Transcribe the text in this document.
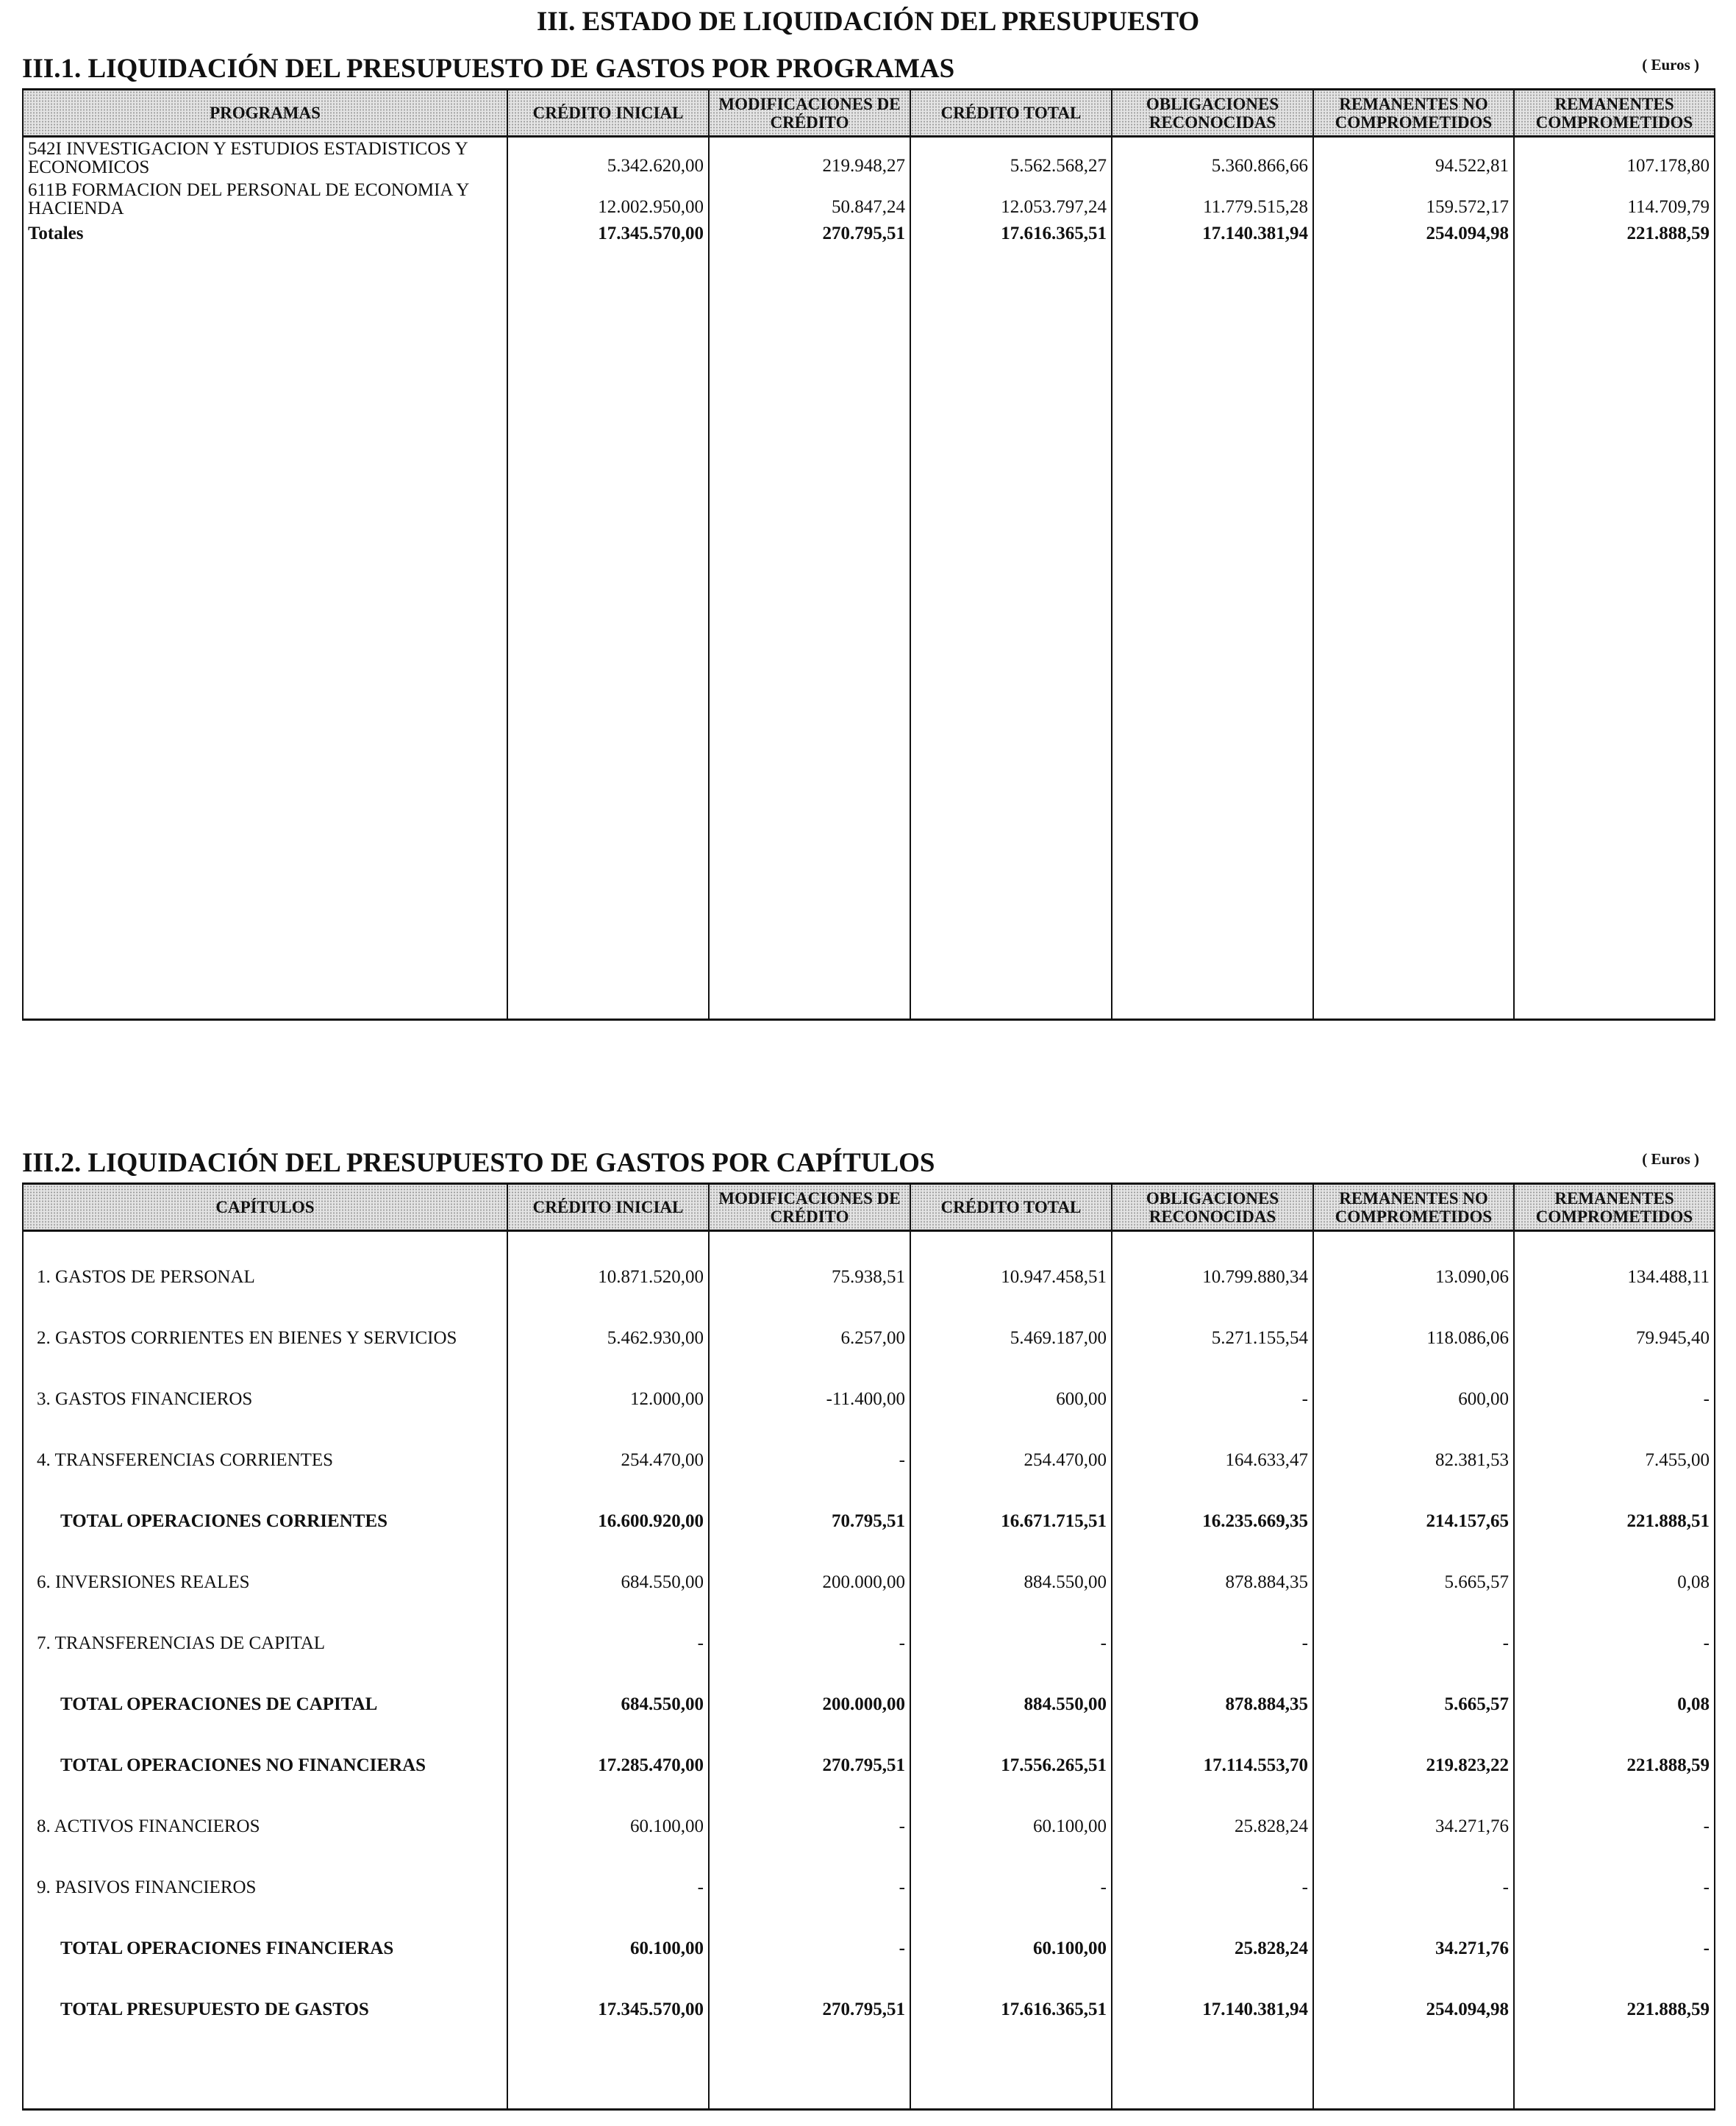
III. ESTADO DE LIQUIDACIÓN DEL PRESUPUESTO
III.1. LIQUIDACIÓN DEL PRESUPUESTO DE GASTOS POR PROGRAMAS	( Euros )
PROGRAMAS	CRÉDITO INICIAL	MODIFICACIONES DE CRÉDITO	CRÉDITO TOTAL	OBLIGACIONES RECONOCIDAS	REMANENTES NO COMPROMETIDOS	REMANENTES COMPROMETIDOS
542I INVESTIGACION Y ESTUDIOS ESTADISTICOS Y ECONOMICOS	5.342.620,00	219.948,27	5.562.568,27	5.360.866,66	94.522,81	107.178,80
611B FORMACION DEL PERSONAL DE ECONOMIA Y HACIENDA	12.002.950,00	50.847,24	12.053.797,24	11.779.515,28	159.572,17	114.709,79
Totales	17.345.570,00	270.795,51	17.616.365,51	17.140.381,94	254.094,98	221.888,59

III.2. LIQUIDACIÓN DEL PRESUPUESTO DE GASTOS POR CAPÍTULOS	( Euros )
CAPÍTULOS	CRÉDITO INICIAL	MODIFICACIONES DE CRÉDITO	CRÉDITO TOTAL	OBLIGACIONES RECONOCIDAS	REMANENTES NO COMPROMETIDOS	REMANENTES COMPROMETIDOS

1. GASTOS DE PERSONAL	10.871.520,00	75.938,51	10.947.458,51	10.799.880,34	13.090,06	134.488,11
2. GASTOS CORRIENTES EN BIENES Y SERVICIOS	5.462.930,00	6.257,00	5.469.187,00	5.271.155,54	118.086,06	79.945,40
3. GASTOS FINANCIEROS	12.000,00	-11.400,00	600,00	-	600,00	-
4. TRANSFERENCIAS CORRIENTES	254.470,00	-	254.470,00	164.633,47	82.381,53	7.455,00
TOTAL OPERACIONES CORRIENTES	16.600.920,00	70.795,51	16.671.715,51	16.235.669,35	214.157,65	221.888,51
6. INVERSIONES REALES	684.550,00	200.000,00	884.550,00	878.884,35	5.665,57	0,08
7. TRANSFERENCIAS DE CAPITAL	-	-	-	-	-	-
TOTAL OPERACIONES DE CAPITAL	684.550,00	200.000,00	884.550,00	878.884,35	5.665,57	0,08
TOTAL OPERACIONES NO FINANCIERAS	17.285.470,00	270.795,51	17.556.265,51	17.114.553,70	219.823,22	221.888,59
8. ACTIVOS FINANCIEROS	60.100,00	-	60.100,00	25.828,24	34.271,76	-
9. PASIVOS FINANCIEROS	-	-	-	-	-	-
TOTAL OPERACIONES FINANCIERAS	60.100,00	-	60.100,00	25.828,24	34.271,76	-
TOTAL PRESUPUESTO DE GASTOS	17.345.570,00	270.795,51	17.616.365,51	17.140.381,94	254.094,98	221.888,59
